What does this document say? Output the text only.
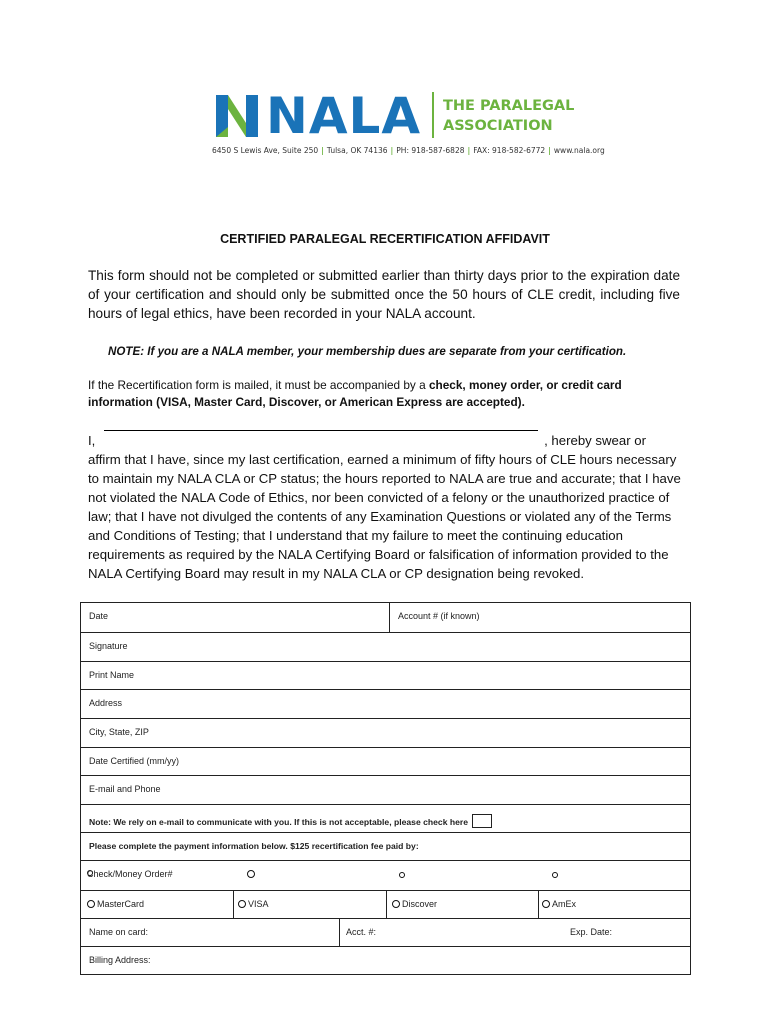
NALA THE PARALEGAL
ASSOCIATION
6450 S Lewis Ave, Suite 250 | Tulsa, OK 74136 | PH: 918-587-6828 | FAX: 918-582-6772 | www.nala.org
CERTIFIED PARALEGAL RECERTIFICATION AFFIDAVIT
This form should not be completed or submitted earlier than thirty days prior to the expiration date of your certification and should only be submitted once the 50 hours of CLE credit, including five hours of legal ethics, have been recorded in your NALA account.
NOTE: If you are a NALA member, your membership dues are separate from your certification.
If the Recertification form is mailed, it must be accompanied by a check, money order, or credit card
information (VISA, Master Card, Discover, or American Express are accepted).
I,	, hereby swear or
affirm that I have, since my last certification, earned a minimum of fifty hours of CLE hours necessary to maintain my NALA CLA or CP status; the hours reported to NALA are true and accurate; that I have not violated the NALA Code of Ethics, nor been convicted of a felony or the unauthorized practice of law; that I have not divulged the contents of any Examination Questions or violated any of the Terms and Conditions of Testing; that I understand that my failure to meet the continuing education requirements as required by the NALA Certifying Board or falsification of information provided to the NALA Certifying Board may result in my NALA CLA or CP designation being revoked.
Date	Account # (if known)
Signature
Print Name
Address
City, State, ZIP
Date Certified (mm/yy)
E-mail and Phone
Note: We rely on e-mail to communicate with you. If this is not acceptable, please check here
Please complete the payment information below. $125 recertification fee paid by:
Check/Money Order#
MasterCard	VISA	Discover	AmEx
Name on card:	Acct. #:	Exp. Date:
Billing Address:
